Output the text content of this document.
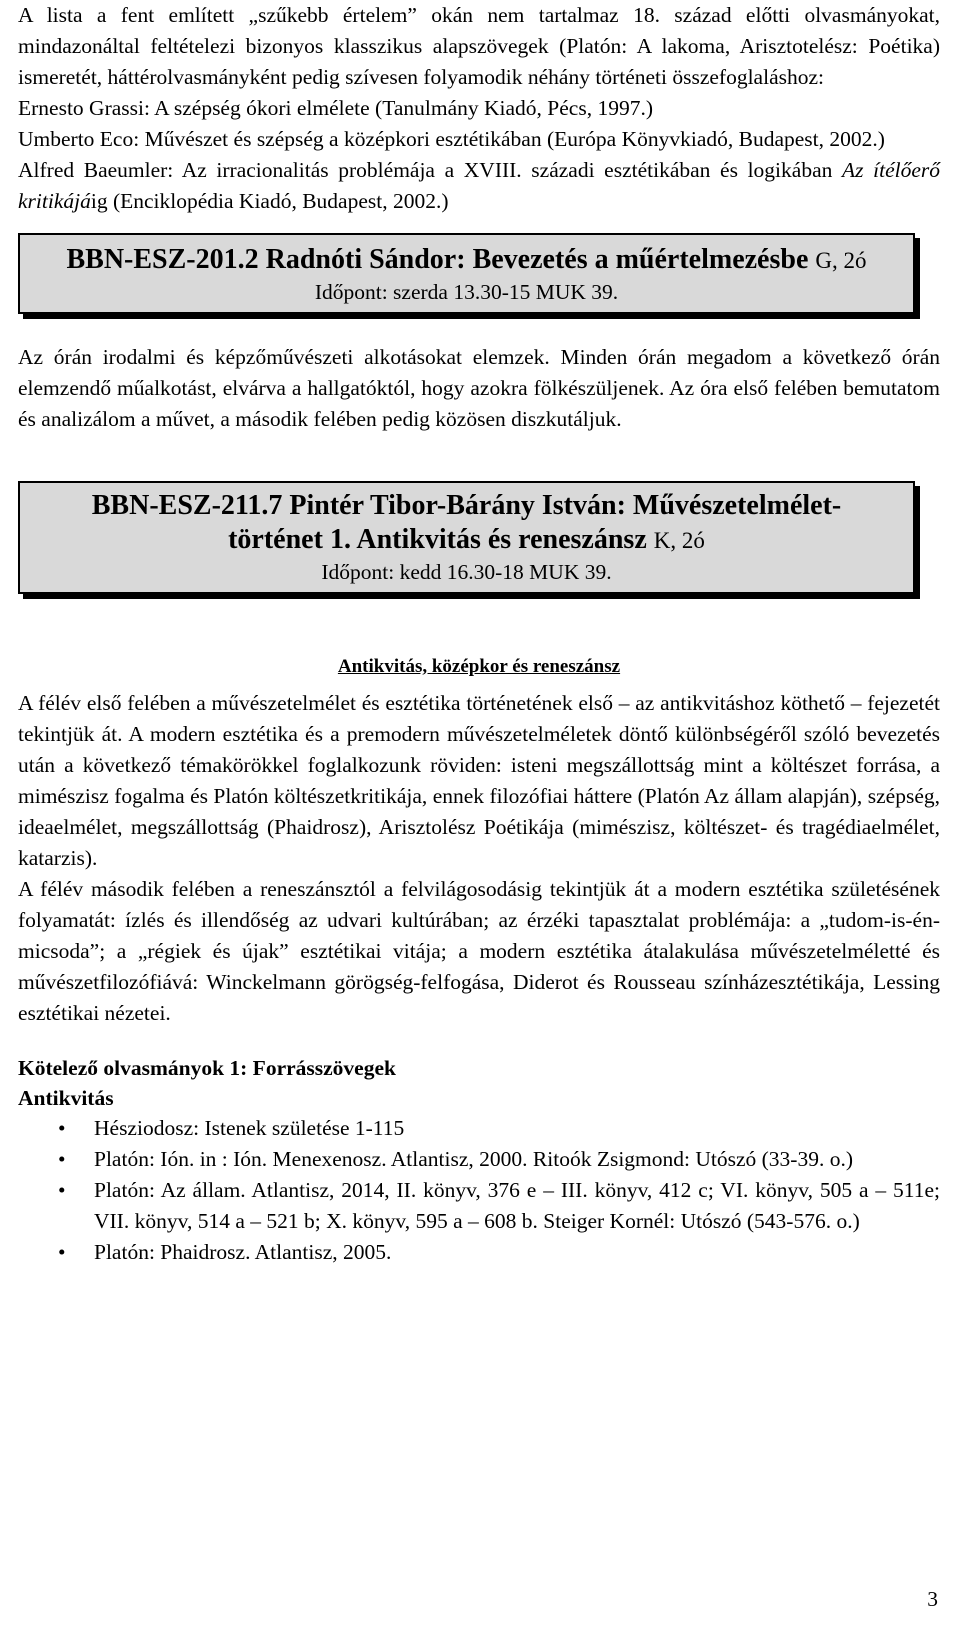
A lista a fent említett „szűkebb értelem” okán nem tartalmaz 18. század előtti olvasmányokat, mindazonáltal feltételezi bizonyos klasszikus alapszövegek (Platón: A lakoma, Arisztotelész: Poétika) ismeretét, háttérolvasmányként pedig szívesen folyamodik néhány történeti összefoglaláshoz:

Ernesto Grassi: A szépség ókori elmélete (Tanulmány Kiadó, Pécs, 1997.)
Umberto Eco: Művészet és szépség a középkori esztétikában (Európa Könyvkiadó, Budapest, 2002.)
Alfred Baeumler: Az irracionalitás problémája a XVIII. századi esztétikában és logikában Az ítélőerő kritikájáig (Enciklopédia Kiadó, Budapest, 2002.)
BBN-ESZ-201.2 Radnóti Sándor: Bevezetés a műértelmezésbe G, 2ó
Időpont: szerda 13.30-15 MUK 39.

Az órán irodalmi és képzőművészeti alkotásokat elemzek. Minden órán megadom a következő órán elemzendő műalkotást, elvárva a hallgatóktól, hogy azokra fölkészüljenek. Az óra első felében bemutatom és analizálom a művet, a második felében pedig közösen diszkutáljuk.

BBN-ESZ-211.7 Pintér Tibor-Bárány István: Művészetelmélet-
történet 1. Antikvitás és reneszánsz K, 2ó
Időpont: kedd 16.30-18 MUK 39.
Antikvitás, középkor és reneszánsz

A félév első felében a művészetelmélet és esztétika történetének első – az antikvitáshoz köthető – fejezetét tekintjük át. A modern esztétika és a premodern művészetelméletek döntő különbségéről szóló bevezetés után a következő témakörökkel foglalkozunk röviden: isteni megszállottság mint a költészet forrása, a mimészisz fogalma és Platón költészetkritikája, ennek filozófiai háttere (Platón Az állam alapján), szépség, ideaelmélet, megszállottság (Phaidrosz), Arisztolész Poétikája (mimészisz, költészet- és tragédiaelmélet, katarzis).

A félév második felében a reneszánsztól a felvilágosodásig tekintjük át a modern esztétika születésének folyamatát: ízlés és illendőség az udvari kultúrában; az érzéki tapasztalat problémája: a „tudom-is-én-micsoda”; a „régiek és újak” esztétikai vitája; a modern esztétika átalakulása művészetelméletté és művészetfilozófiává: Winckelmann görögség-felfogása, Diderot és Rousseau színházesztétikája, Lessing esztétikai nézetei.

Kötelező olvasmányok 1: Forrásszövegek

Antikvitás

• Hésziodosz: Istenek születése 1-115
• Platón: Ión. in : Ión. Menexenosz. Atlantisz, 2000. Ritoók Zsigmond: Utószó (33-39. o.)
• Platón: Az állam. Atlantisz, 2014, II. könyv, 376 e – III. könyv, 412 c; VI. könyv, 505 a – 511e; VII. könyv, 514 a – 521 b; X. könyv, 595 a – 608 b. Steiger Kornél: Utószó (543-576. o.)
• Platón: Phaidrosz. Atlantisz, 2005.
3
